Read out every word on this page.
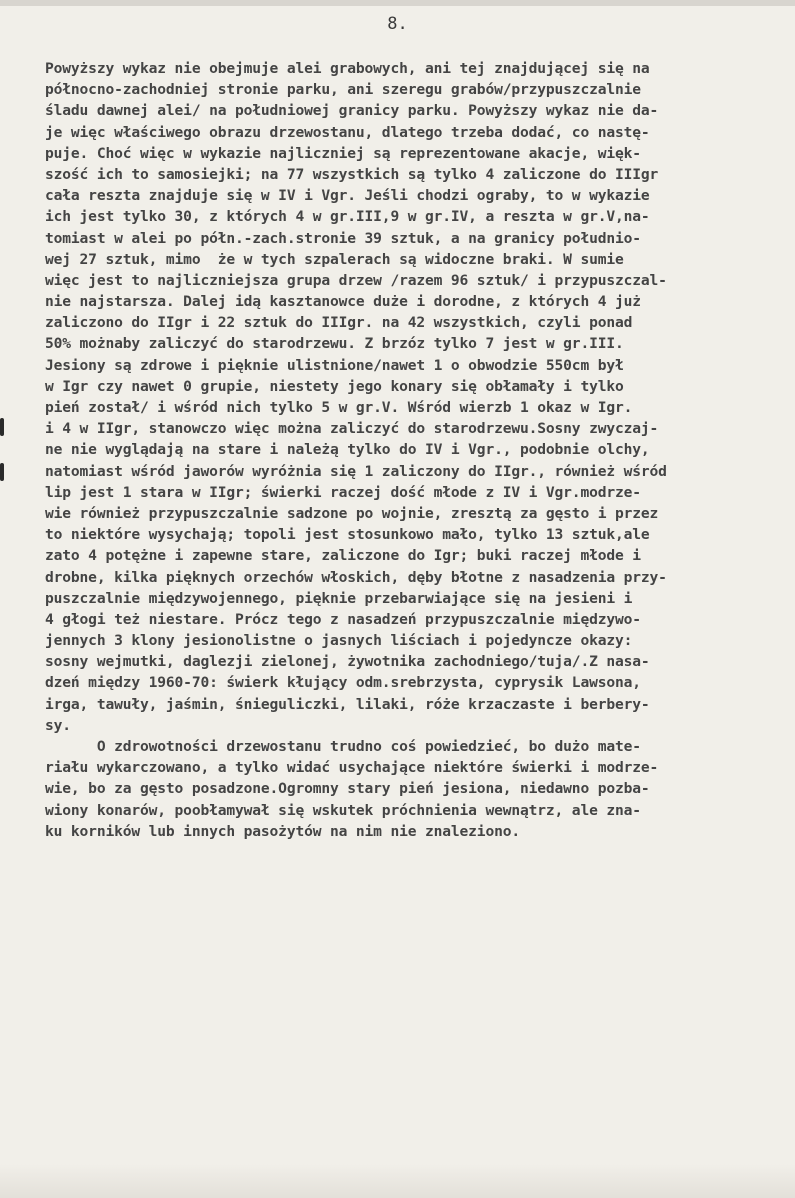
8.
Powyższy wykaz nie obejmuje alei grabowych, ani tej znajdującej się na
północno-zachodniej stronie parku, ani szeregu grabów/przypuszczalnie
śladu dawnej alei/ na południowej granicy parku. Powyższy wykaz nie da-
je więc właściwego obrazu drzewostanu, dlatego trzeba dodać, co nastę-
puje. Choć więc w wykazie najliczniej są reprezentowane akacje, więk-
szość ich to samosiejki; na 77 wszystkich są tylko 4 zaliczone do IIIgr
cała reszta znajduje się w IV i Vgr. Jeśli chodzi ograby, to w wykazie
ich jest tylko 30, z których 4 w gr.III,9 w gr.IV, a reszta w gr.V,na-
tomiast w alei po półn.-zach.stronie 39 sztuk, a na granicy południo-
wej 27 sztuk, mimo  że w tych szpalerach są widoczne braki. W sumie
więc jest to najliczniejsza grupa drzew /razem 96 sztuk/ i przypuszczal-
nie najstarsza. Dalej idą kasztanowce duże i dorodne, z których 4 już
zaliczono do IIgr i 22 sztuk do IIIgr. na 42 wszystkich, czyli ponad
50% możnaby zaliczyć do starodrzewu. Z brzóz tylko 7 jest w gr.III.
Jesiony są zdrowe i pięknie ulistnione/nawet 1 o obwodzie 550cm był
w Igr czy nawet 0 grupie, niestety jego konary się obłamały i tylko
pień został/ i wśród nich tylko 5 w gr.V. Wśród wierzb 1 okaz w Igr.
i 4 w IIgr, stanowczo więc można zaliczyć do starodrzewu.Sosny zwyczaj-
ne nie wyglądają na stare i należą tylko do IV i Vgr., podobnie olchy,
natomiast wśród jaworów wyróżnia się 1 zaliczony do IIgr., również wśród
lip jest 1 stara w IIgr; świerki raczej dość młode z IV i Vgr.modrze-
wie również przypuszczalnie sadzone po wojnie, zresztą za gęsto i przez
to niektóre wysychają; topoli jest stosunkowo mało, tylko 13 sztuk,ale
zato 4 potężne i zapewne stare, zaliczone do Igr; buki raczej młode i
drobne, kilka pięknych orzechów włoskich, dęby błotne z nasadzenia przy-
puszczalnie międzywojennego, pięknie przebarwiające się na jesieni i
4 głogi też niestare. Prócz tego z nasadzeń przypuszczalnie międzywo-
jennych 3 klony jesionolistne o jasnych liściach i pojedyncze okazy:
sosny wejmutki, daglezji zielonej, żywotnika zachodniego/tuja/.Z nasa-
dzeń między 1960-70: świerk kłujący odm.srebrzysta, cyprysik Lawsona,
irga, tawuły, jaśmin, śnieguliczki, lilaki, róże krzaczaste i berbery-
sy.
O zdrowotności drzewostanu trudno coś powiedzieć, bo dużo mate-
riału wykarczowano, a tylko widać usychające niektóre świerki i modrze-
wie, bo za gęsto posadzone.Ogromny stary pień jesiona, niedawno pozba-
wiony konarów, poobłamywał się wskutek próchnienia wewnątrz, ale zna-
ku korników lub innych pasożytów na nim nie znaleziono.
